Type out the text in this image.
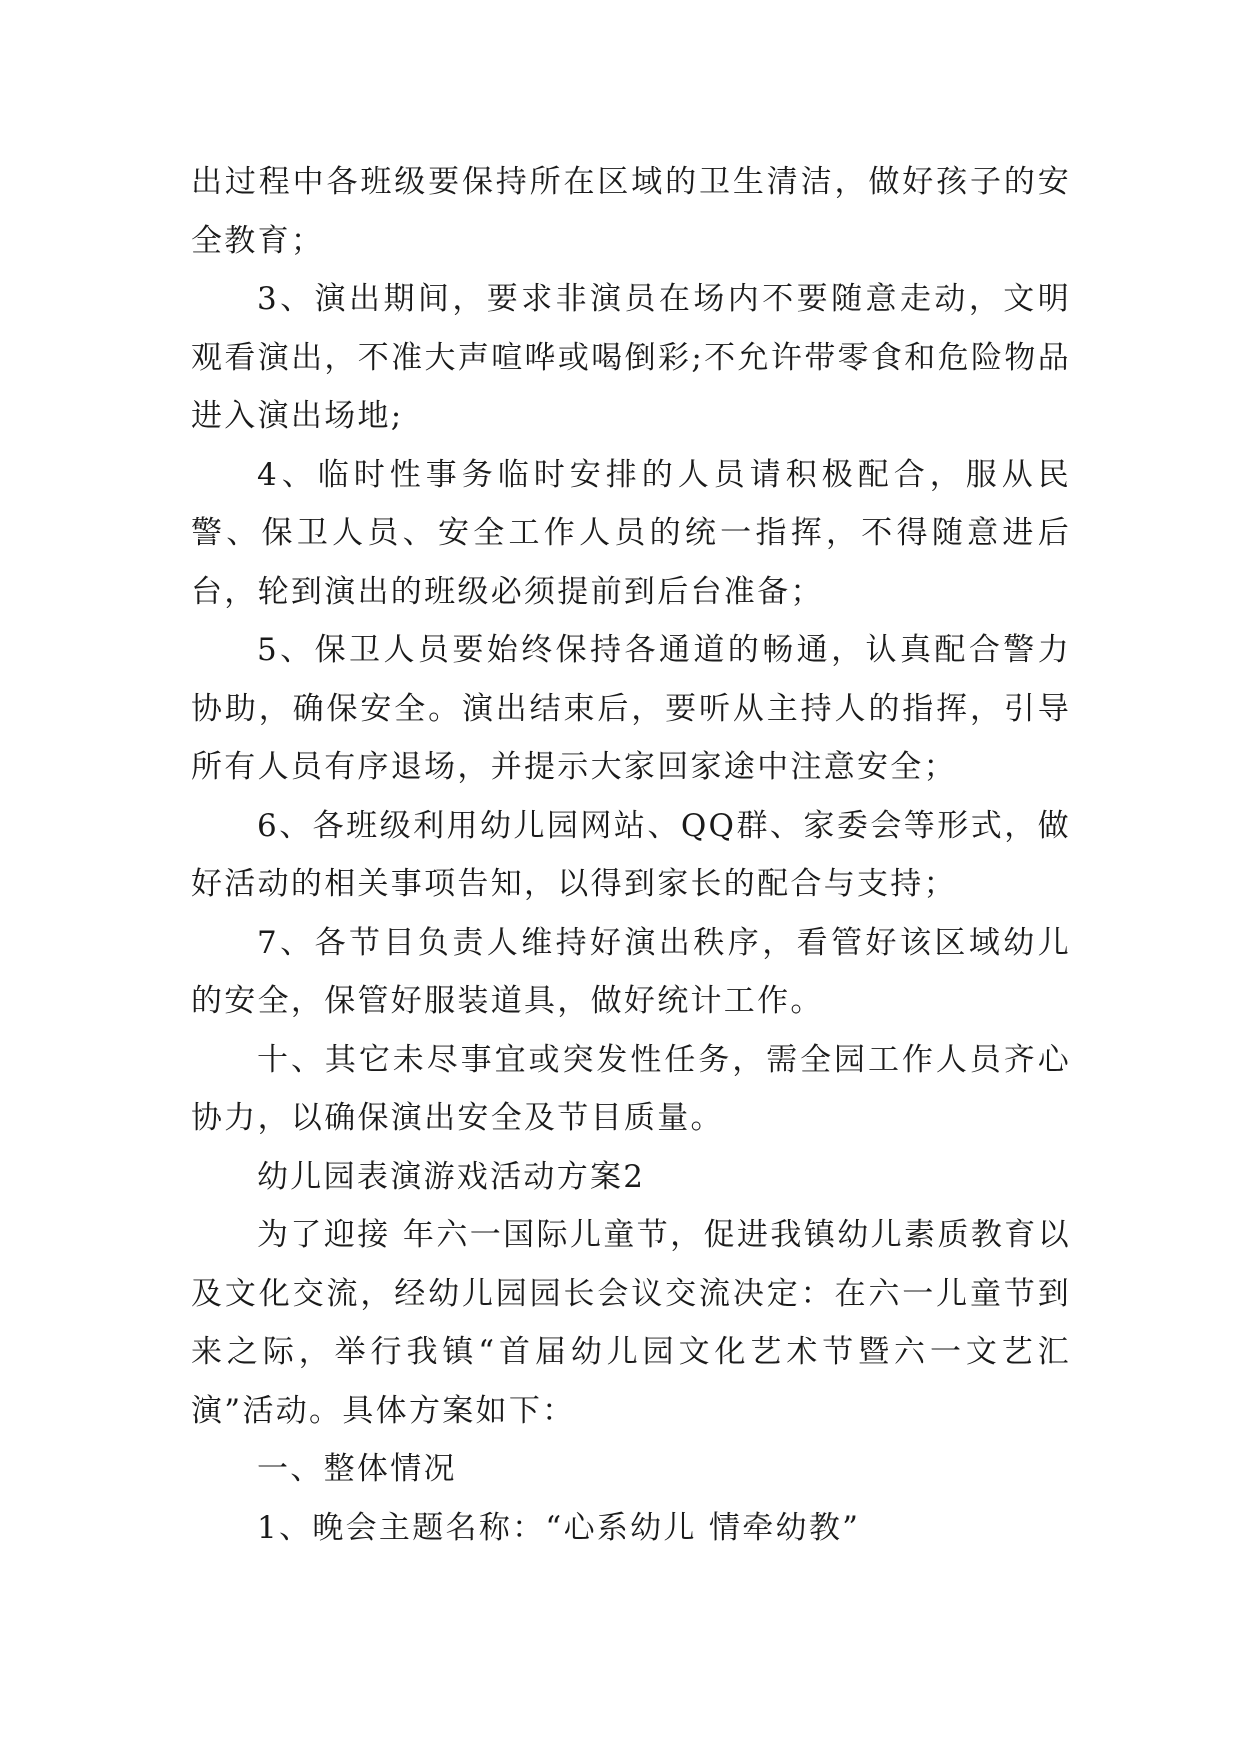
出过程中各班级要保持所在区域的卫生清洁，做好孩子的安全教育；

3、演出期间，要求非演员在场内不要随意走动，文明观看演出，不准大声喧哗或喝倒彩;不允许带零食和危险物品进入演出场地;

4、临时性事务临时安排的人员请积极配合，服从民警、保卫人员、安全工作人员的统一指挥，不得随意进后台，轮到演出的班级必须提前到后台准备；

5、保卫人员要始终保持各通道的畅通，认真配合警力协助，确保安全。演出结束后，要听从主持人的指挥，引导所有人员有序退场，并提示大家回家途中注意安全；

6、各班级利用幼儿园网站、QQ群、家委会等形式，做好活动的相关事项告知，以得到家长的配合与支持；

7、各节目负责人维持好演出秩序，看管好该区域幼儿的安全，保管好服装道具，做好统计工作。

十、其它未尽事宜或突发性任务，需全园工作人员齐心协力，以确保演出安全及节目质量。

幼儿园表演游戏活动方案2

为了迎接 年六一国际儿童节，促进我镇幼儿素质教育以及文化交流，经幼儿园园长会议交流决定：在六一儿童节到来之际，举行我镇“首届幼儿园文化艺术节暨六一文艺汇演”活动。具体方案如下：

一、整体情况

1、晚会主题名称：“心系幼儿 情牵幼教”
